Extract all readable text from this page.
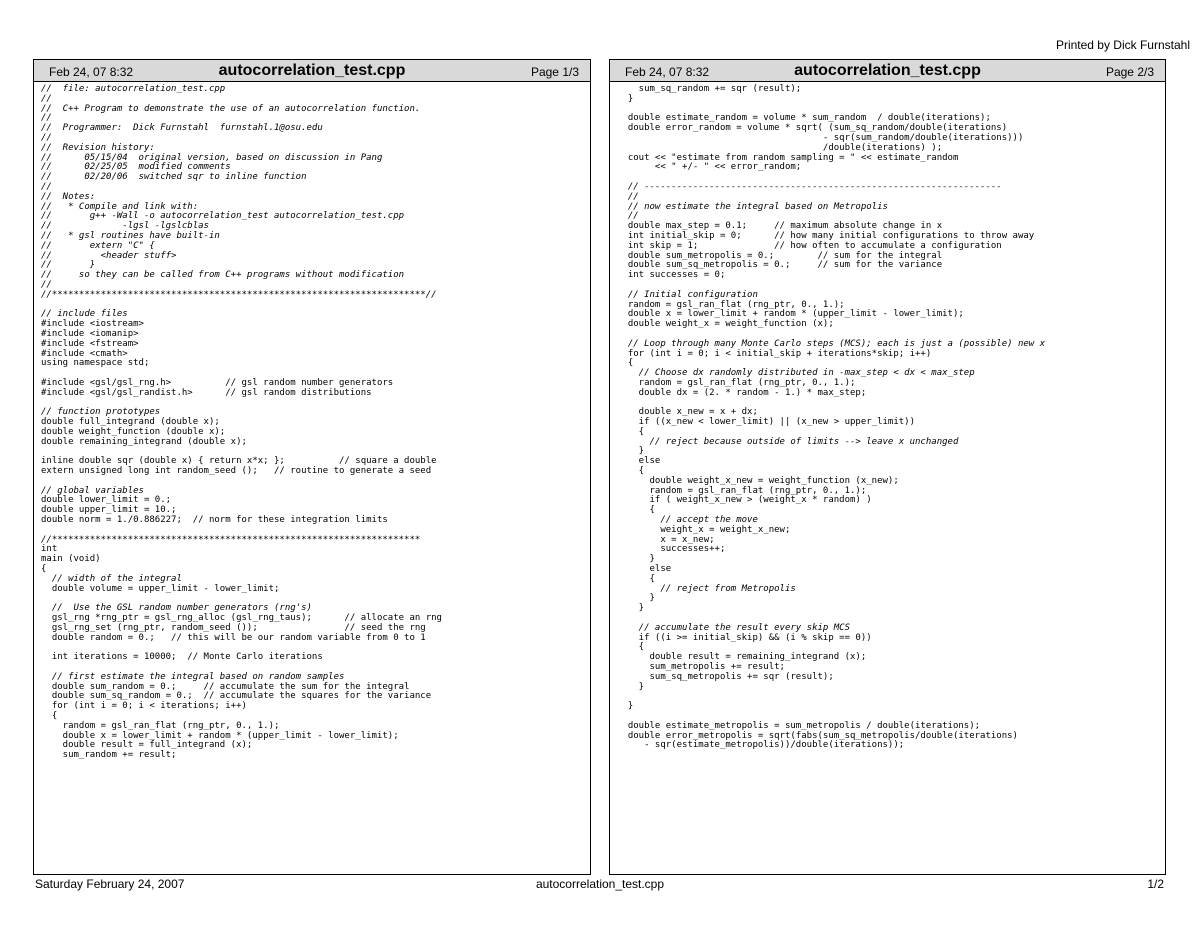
Printed by Dick Furnstahl
Feb 24, 07 8:32	autocorrelation_test.cpp	Page 1/3
//  file: autocorrelation_test.cpp
//
//  C++ Program to demonstrate the use of an autocorrelation function.
//
//  Programmer:  Dick Furnstahl  furnstahl.1@osu.edu
//
//  Revision history:
//      05/15/04  original version, based on discussion in Pang
//      02/25/05  modified comments
//      02/20/06  switched sqr to inline function
//
//  Notes:
//   * Compile and link with:
//       g++ -Wall -o autocorrelation_test autocorrelation_test.cpp
//             -lgsl -lgslcblas
//   * gsl routines have built-in
//       extern "C" {
//         <header stuff>
//       }
//     so they can be called from C++ programs without modification
//
//*********************************************************************//

// include files
#include <iostream>
#include <iomanip>
#include <fstream>
#include <cmath>
using namespace std;

#include <gsl/gsl_rng.h>          // gsl random number generators
#include <gsl/gsl_randist.h>      // gsl random distributions

// function prototypes
double full_integrand (double x);
double weight_function (double x);
double remaining_integrand (double x);

inline double sqr (double x) { return x*x; };          // square a double
extern unsigned long int random_seed ();   // routine to generate a seed

// global variables
double lower_limit = 0.;
double upper_limit = 10.;
double norm = 1./0.886227;  // norm for these integration limits

//********************************************************************
int
main (void)
{
// width of the integral
double volume = upper_limit - lower_limit;

//  Use the GSL random number generators (rng's)
gsl_rng *rng_ptr = gsl_rng_alloc (gsl_rng_taus);      // allocate an rng
gsl_rng_set (rng_ptr, random_seed ());                // seed the rng
double random = 0.;   // this will be our random variable from 0 to 1

int iterations = 10000;  // Monte Carlo iterations

// first estimate the integral based on random samples
double sum_random = 0.;     // accumulate the sum for the integral
double sum_sq_random = 0.;  // accumulate the squares for the variance
for (int i = 0; i < iterations; i++)
{
random = gsl_ran_flat (rng_ptr, 0., 1.);
double x = lower_limit + random * (upper_limit - lower_limit);
double result = full_integrand (x);
sum_random += result;
Feb 24, 07 8:32	autocorrelation_test.cpp	Page 2/3
sum_sq_random += sqr (result);
}

double estimate_random = volume * sum_random  / double(iterations);
double error_random = volume * sqrt( (sum_sq_random/double(iterations)
- sqr(sum_random/double(iterations)))
/double(iterations) );
cout << "estimate from random sampling = " << estimate_random
<< " +/- " << error_random;

// ------------------------------------------------------------------
//
// now estimate the integral based on Metropolis
//
double max_step = 0.1;     // maximum absolute change in x
int initial_skip = 0;      // how many initial configurations to throw away
int skip = 1;              // how often to accumulate a configuration
double sum_metropolis = 0.;        // sum for the integral
double sum_sq_metropolis = 0.;     // sum for the variance
int successes = 0;

// Initial configuration
random = gsl_ran_flat (rng_ptr, 0., 1.);
double x = lower_limit + random * (upper_limit - lower_limit);
double weight_x = weight_function (x);

// Loop through many Monte Carlo steps (MCS); each is just a (possible) new x
for (int i = 0; i < initial_skip + iterations*skip; i++)
{
// Choose dx randomly distributed in -max_step < dx < max_step
random = gsl_ran_flat (rng_ptr, 0., 1.);
double dx = (2. * random - 1.) * max_step;

double x_new = x + dx;
if ((x_new < lower_limit) || (x_new > upper_limit))
{
// reject because outside of limits --> leave x unchanged
}
else
{
double weight_x_new = weight_function (x_new);
random = gsl_ran_flat (rng_ptr, 0., 1.);
if ( weight_x_new > (weight_x * random) )
{
// accept the move
weight_x = weight_x_new;
x = x_new;
successes++;
}
else
{
// reject from Metropolis
}
}

// accumulate the result every skip MCS
if ((i >= initial_skip) && (i % skip == 0))
{
double result = remaining_integrand (x);
sum_metropolis += result;
sum_sq_metropolis += sqr (result);
}

}

double estimate_metropolis = sum_metropolis / double(iterations);
double error_metropolis = sqrt(fabs(sum_sq_metropolis/double(iterations)
- sqr(estimate_metropolis))/double(iterations));
Saturday February 24, 2007	autocorrelation_test.cpp	1/2
